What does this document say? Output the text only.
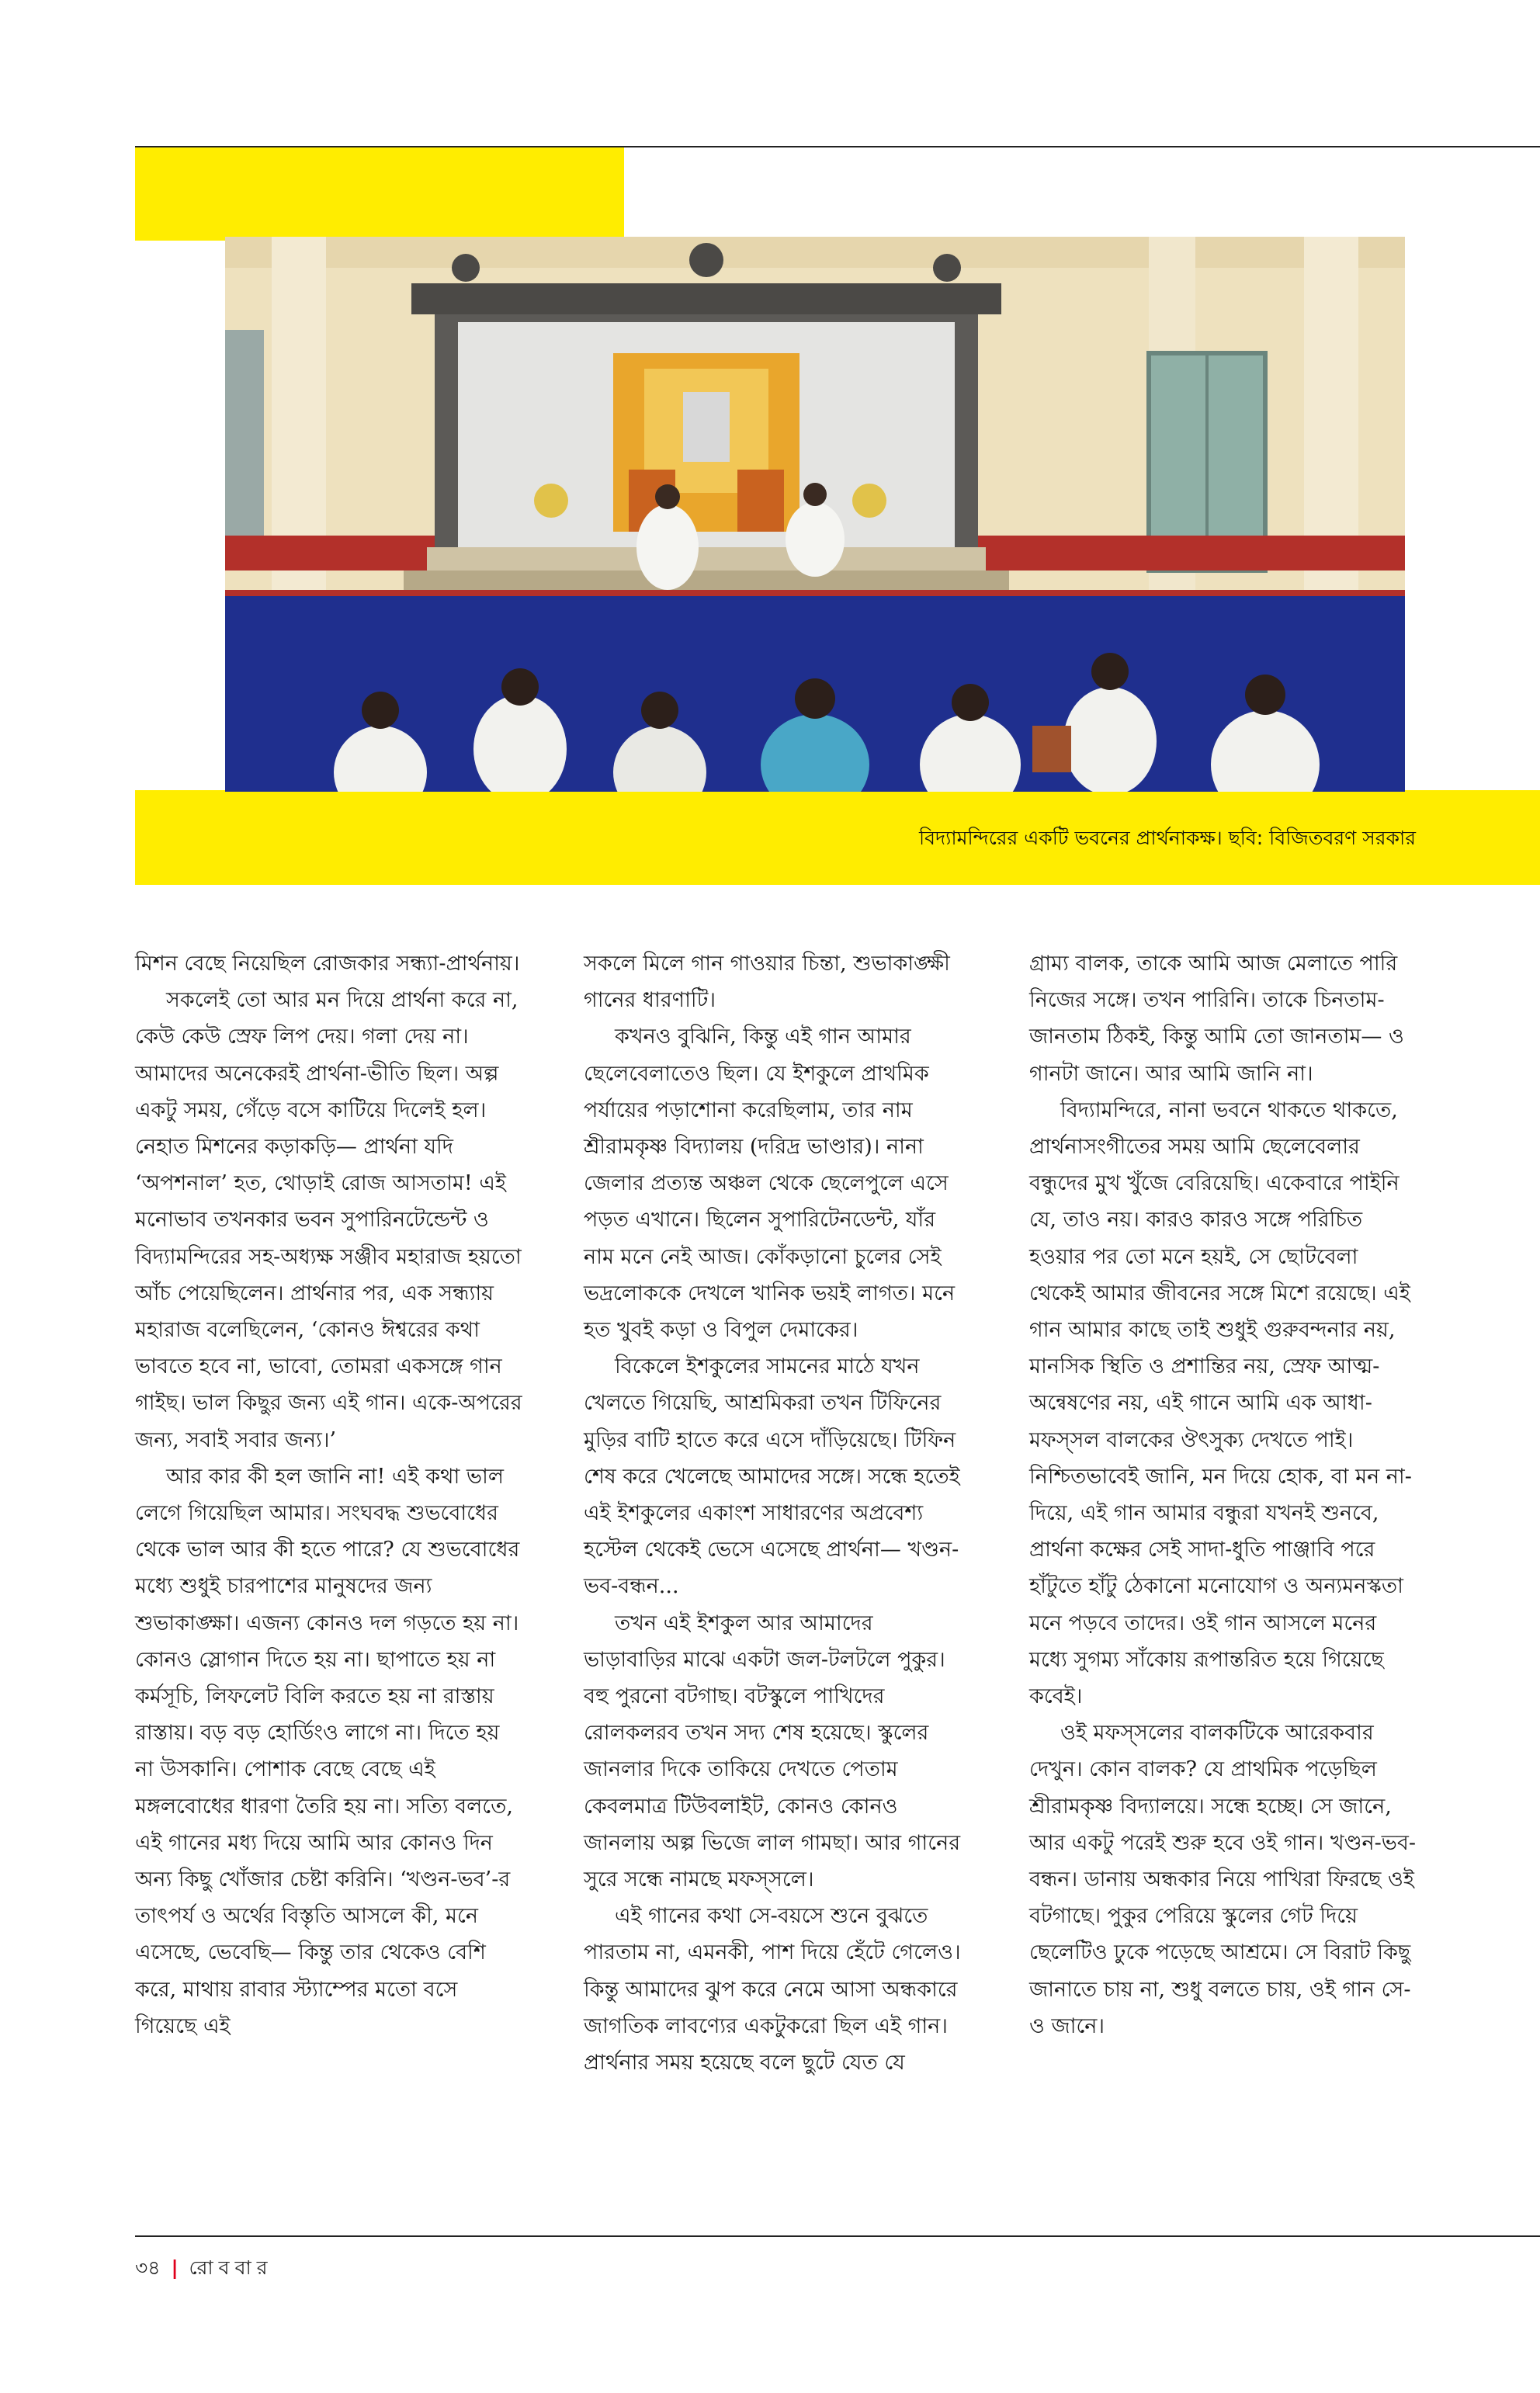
বিদ্যামন্দিরের একটি ভবনের প্রার্থনাকক্ষ। ছবি: বিজিতবরণ সরকার

মিশন বেছে নিয়েছিল রোজকার সন্ধ্যা-প্রার্থনায়।

সকলেই তো আর মন দিয়ে প্রার্থনা করে না, কেউ কেউ স্রেফ লিপ দেয়। গলা দেয় না। আমাদের অনেকেরই প্রার্থনা-ভীতি ছিল। অল্প একটু সময়, গেঁড়ে বসে কাটিয়ে দিলেই হল। নেহাত মিশনের কড়াকড়ি— প্রার্থনা যদি ‘অপশনাল’ হত, থোড়াই রোজ আসতাম! এই মনোভাব তখনকার ভবন সুপারিনটেন্ডেন্ট ও বিদ্যামন্দিরের সহ-অধ্যক্ষ সঞ্জীব মহারাজ হয়তো আঁচ পেয়েছিলেন। প্রার্থনার পর, এক সন্ধ্যায় মহারাজ বলেছিলেন, ‘কোনও ঈশ্বরের কথা ভাবতে হবে না, ভাবো, তোমরা একসঙ্গে গান গাইছ। ভাল কিছুর জন্য এই গান। একে-অপরের জন্য, সবাই সবার জন্য।’

আর কার কী হল জানি না! এই কথা ভাল লেগে গিয়েছিল আমার। সংঘবদ্ধ শুভবোধের থেকে ভাল আর কী হতে পারে? যে শুভবোধের মধ্যে শুধুই চারপাশের মানুষদের জন্য শুভাকাঙ্ক্ষা। এজন্য কোনও দল গড়তে হয় না। কোনও স্লোগান দিতে হয় না। ছাপাতে হয় না কর্মসূচি, লিফলেট বিলি করতে হয় না রাস্তায় রাস্তায়। বড় বড় হোর্ডিংও লাগে না। দিতে হয় না উসকানি। পোশাক বেছে বেছে এই মঙ্গলবোধের ধারণা তৈরি হয় না। সত্যি বলতে, এই গানের মধ্য দিয়ে আমি আর কোনও দিন অন্য কিছু খোঁজার চেষ্টা করিনি। ‘খণ্ডন-ভব’-র তাৎপর্য ও অর্থের বিস্তৃতি আসলে কী, মনে এসেছে, ভেবেছি— কিন্তু তার থেকেও বেশি করে, মাথায় রাবার স্ট্যাম্পের মতো বসে গিয়েছে এই

সকলে মিলে গান গাওয়ার চিন্তা, শুভাকাঙ্ক্ষী গানের ধারণাটি।

কখনও বুঝিনি, কিন্তু এই গান আমার ছেলেবেলাতেও ছিল। যে ইশকুলে প্রাথমিক পর্যায়ের পড়াশোনা করেছিলাম, তার নাম শ্রীরামকৃষ্ণ বিদ্যালয় (দরিদ্র ভাণ্ডার)। নানা জেলার প্রত্যন্ত অঞ্চল থেকে ছেলেপুলে এসে পড়ত এখানে। ছিলেন সুপারিটেনডেন্ট, যাঁর নাম মনে নেই আজ। কোঁকড়ানো চুলের সেই ভদ্রলোককে দেখলে খানিক ভয়ই লাগত। মনে হত খুবই কড়া ও বিপুল দেমাকের।

বিকেলে ইশকুলের সামনের মাঠে যখন খেলতে গিয়েছি, আশ্রমিকরা তখন টিফিনের মুড়ির বাটি হাতে করে এসে দাঁড়িয়েছে। টিফিন শেষ করে খেলেছে আমাদের সঙ্গে। সন্ধে হতেই এই ইশকুলের একাংশ সাধারণের অপ্রবেশ্য হস্টেল থেকেই ভেসে এসেছে প্রার্থনা— খণ্ডন-ভব-বন্ধন...

তখন এই ইশকুল আর আমাদের ভাড়াবাড়ির মাঝে একটা জল-টলটলে পুকুর। বহু পুরনো বটগাছ। বটস্কুলে পাখিদের রোলকলরব তখন সদ্য শেষ হয়েছে। স্কুলের জানলার দিকে তাকিয়ে দেখতে পেতাম কেবলমাত্র টিউবলাইট, কোনও কোনও জানলায় অল্প ভিজে লাল গামছা। আর গানের সুরে সন্ধে নামছে মফস্সলে।

এই গানের কথা সে-বয়সে শুনে বুঝতে পারতাম না, এমনকী, পাশ দিয়ে হেঁটে গেলেও। কিন্তু আমাদের ঝুপ করে নেমে আসা অন্ধকারে জাগতিক লাবণ্যের একটুকরো ছিল এই গান। প্রার্থনার সময় হয়েছে বলে ছুটে যেত যে

গ্রাম্য বালক, তাকে আমি আজ মেলাতে পারি নিজের সঙ্গে। তখন পারিনি। তাকে চিনতাম-জানতাম ঠিকই, কিন্তু আমি তো জানতাম— ও গানটা জানে। আর আমি জানি না।

বিদ্যামন্দিরে, নানা ভবনে থাকতে থাকতে, প্রার্থনাসংগীতের সময় আমি ছেলেবেলার বন্ধুদের মুখ খুঁজে বেরিয়েছি। একেবারে পাইনি যে, তাও নয়। কারও কারও সঙ্গে পরিচিত হওয়ার পর তো মনে হয়ই, সে ছোটবেলা থেকেই আমার জীবনের সঙ্গে মিশে রয়েছে। এই গান আমার কাছে তাই শুধুই গুরুবন্দনার নয়, মানসিক স্থিতি ও প্রশান্তির নয়, স্রেফ আত্ম-অন্বেষণের নয়, এই গানে আমি এক আধা-মফস্সল বালকের ঔৎসুক্য দেখতে পাই। নিশ্চিতভাবেই জানি, মন দিয়ে হোক, বা মন না-দিয়ে, এই গান আমার বন্ধুরা যখনই শুনবে, প্রার্থনা কক্ষের সেই সাদা-ধুতি পাঞ্জাবি পরে হাঁটুতে হাঁটু ঠেকানো মনোযোগ ও অন্যমনস্কতা মনে পড়বে তাদের। ওই গান আসলে মনের মধ্যে সুগম্য সাঁকোয় রূপান্তরিত হয়ে গিয়েছে কবেই।

ওই মফস্সলের বালকটিকে আরেকবার দেখুন। কোন বালক? যে প্রাথমিক পড়েছিল শ্রীরামকৃষ্ণ বিদ্যালয়ে। সন্ধে হচ্ছে। সে জানে, আর একটু পরেই শুরু হবে ওই গান। খণ্ডন-ভব-বন্ধন। ডানায় অন্ধকার নিয়ে পাখিরা ফিরছে ওই বটগাছে। পুকুর পেরিয়ে স্কুলের গেট দিয়ে ছেলেটিও ঢুকে পড়েছে আশ্রমে। সে বিরাট কিছু জানাতে চায় না, শুধু বলতে চায়, ওই গান সে-ও জানে।

৩৪ | রোববার
